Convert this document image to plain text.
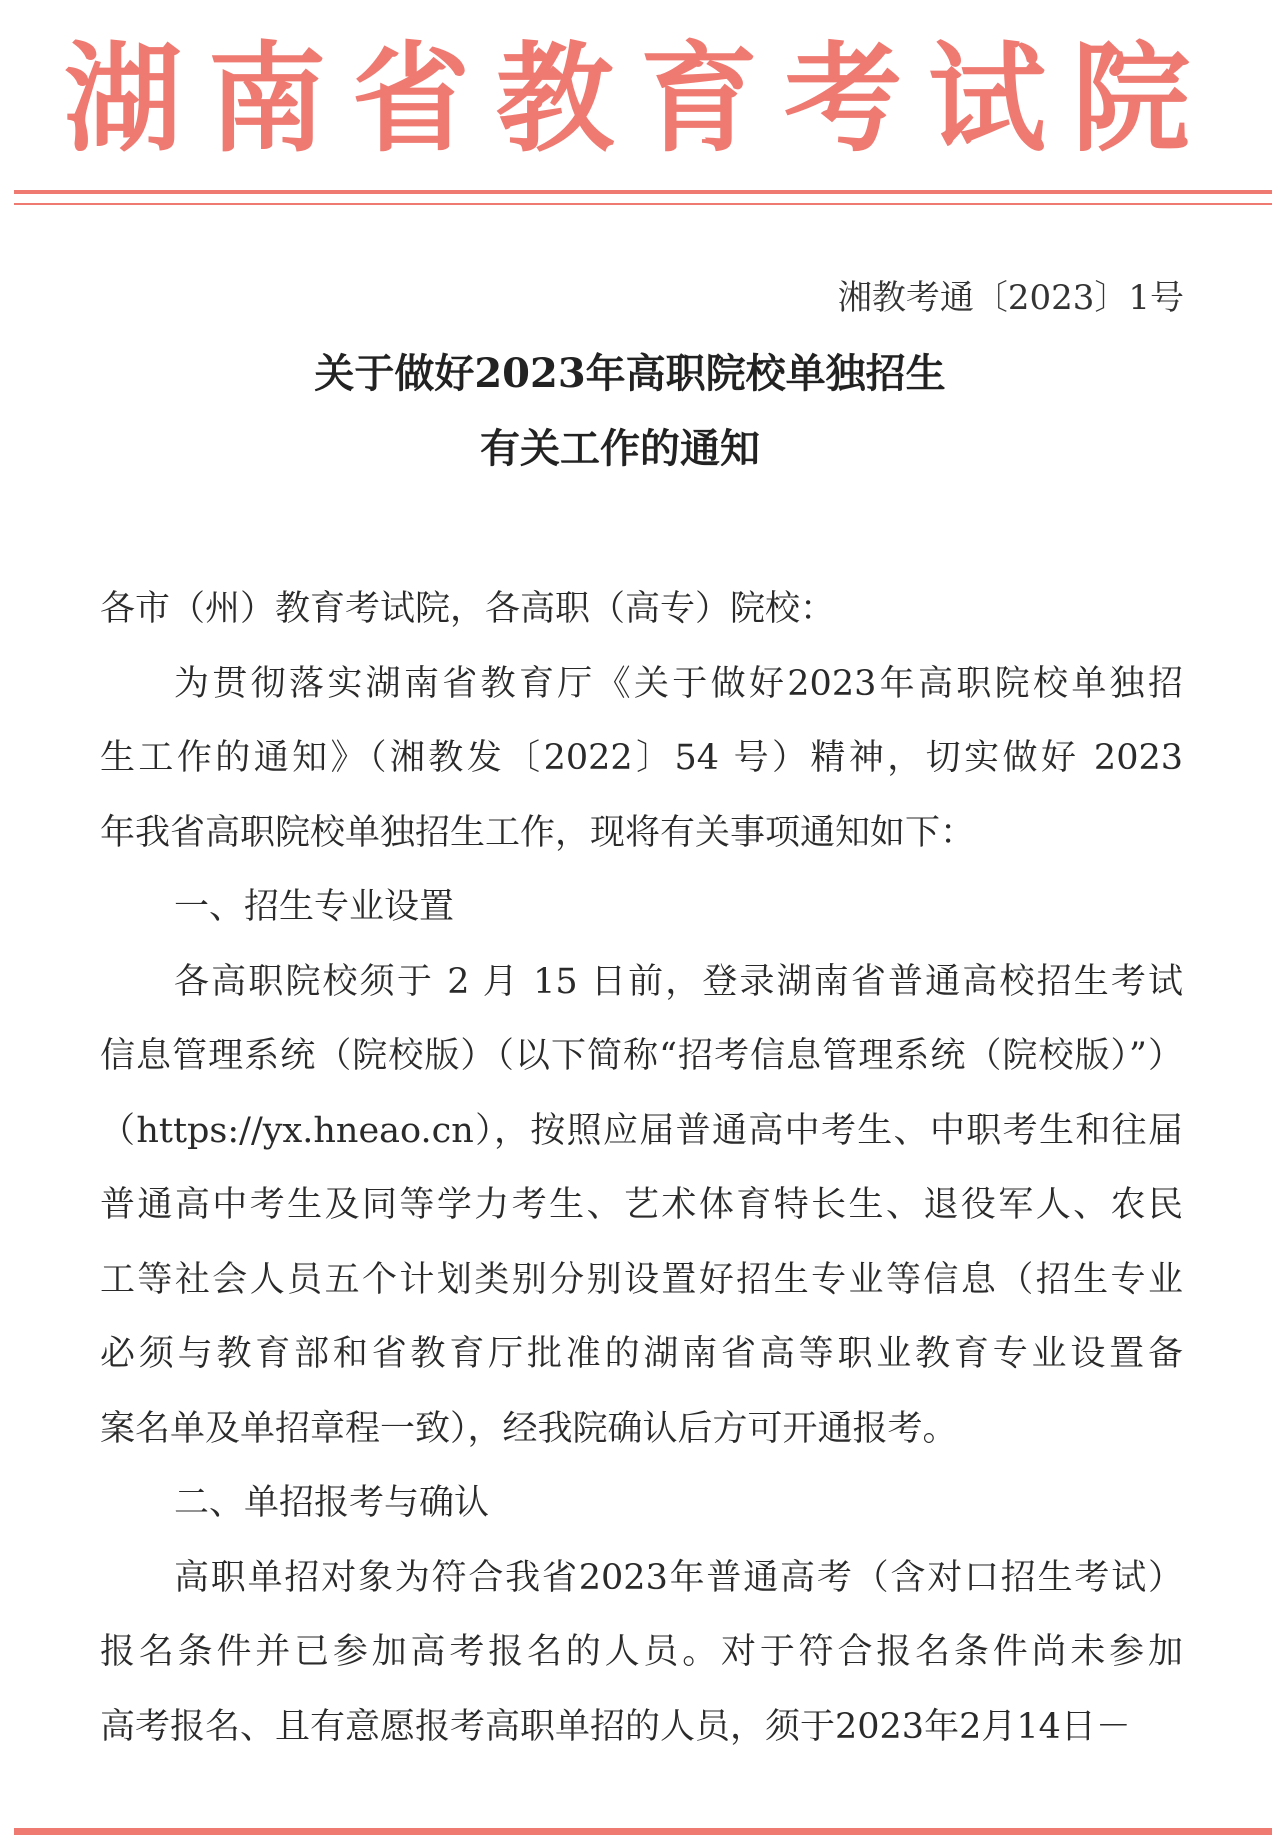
湖南省教育考试院
湘教考通〔2023〕1号
关于做好2023年高职院校单独招生
有关工作的通知
各市（州）教育考试院，各高职（高专）院校：
为贯彻落实湖南省教育厅《关于做好2023年高职院校单独招
生工作的通知》（湘教发〔2022〕54 号）精神，切实做好 2023
年我省高职院校单独招生工作，现将有关事项通知如下：
一、招生专业设置
各高职院校须于 2 月 15 日前，登录湖南省普通高校招生考试
信息管理系统（院校版）（以下简称“招考信息管理系统（院校版）”）
（https://yx.hneao.cn），按照应届普通高中考生、中职考生和往届
普通高中考生及同等学力考生、艺术体育特长生、退役军人、农民
工等社会人员五个计划类别分别设置好招生专业等信息（招生专业
必须与教育部和省教育厅批准的湖南省高等职业教育专业设置备
案名单及单招章程一致），经我院确认后方可开通报考。
二、单招报考与确认
高职单招对象为符合我省2023年普通高考（含对口招生考试）
报名条件并已参加高考报名的人员。对于符合报名条件尚未参加
高考报名、且有意愿报考高职单招的人员，须于2023年2月14日－
